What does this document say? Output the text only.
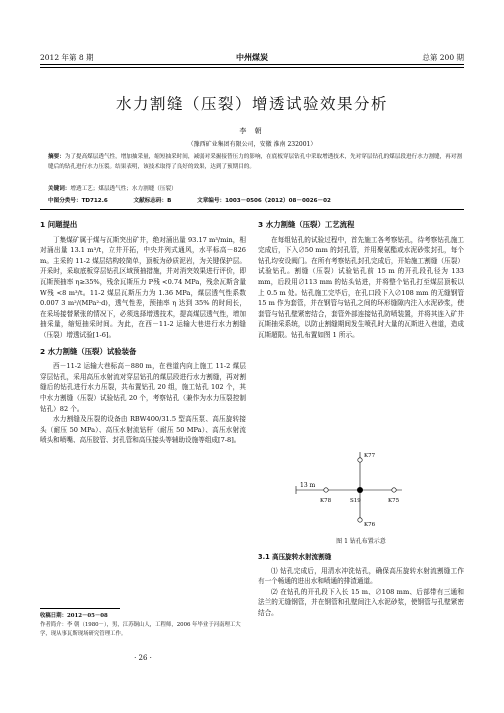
2012 年第 8 期	中州煤炭	总第 200 期
水力割缝（压裂）增透试验效果分析
李 朝
（豫西矿业集团有限公司，安徽 淮南 232001）
摘要：为了提高煤层透气性，增加抽采量，缩短抽采时间，减弱对采掘接替压力的影响，在底板穿层钻孔中采取增透技术，先对穿层钻孔的煤层段进行水力割缝，再对割缝后的钻孔进行水力压裂。结果表明，该技术取得了良好的效果，达到了预期目的。
关键词：增透工艺；煤层透气性；水力割缝（压裂）
中图分类号：TD712.6	文献标志码：B	文章编号：1003－0506（2012）08－0026－02
1 问题提出

丁集煤矿属于煤与瓦斯突出矿井，绝对涌出量 93.17 m³/min，相对涌出量 13.1 m³/t，立井开拓，中央并列式通风，水平标高－826 m。主采的 11-2 煤层结构较简单，顶板为砂质泥岩，为关键保护层。开采时，采取底板穿层钻孔区域预抽措施，并对消突效果进行评价，即瓦斯预抽率 η≥35%，残余瓦斯压力 P残 <0.74 MPa，残余瓦斯含量 W残 <8 m³/t。11-2 煤层瓦斯压力为 1.36 MPa，煤层透气性系数 0.007 3 m²/(MPa²·d)，透气性差，预抽率 η 达到 35% 的时间长，在采场接替紧张的情况下，必须选择增透技术，提高煤层透气性，增加抽采量，缩短抽采时间。为此，在西－11-2 运输大巷进行水力割缝（压裂）增透试验[1-6]。

2 水力割缝（压裂）试验装备

西－11-2 运输大巷标高－880 m，在巷道内向上施工 11-2 煤层穿层钻孔，采用高压水射流对穿层钻孔的煤层段进行水力割缝，再对割缝后的钻孔进行水力压裂，共布置钻孔 20 组，施工钻孔 102 个，其中水力割缝（压裂）试验钻孔 20 个，考察钻孔（兼作为水力压裂控制钻孔）82 个。

水力割缝及压裂的设备由 RBW400/31.5 型高压泵、高压旋转接头（耐压 50 MPa）、高压水射流钻杆（耐压 50 MPa）、高压水射流喷头和喷嘴、高压胶管、封孔管和高压接头等辅助设施等组成[7-8]。

3 水力割缝（压裂）工艺流程

在每组钻孔的试验过程中，首先施工各考察钻孔，待考察钻孔施工完成后，下入∅50 mm 的封孔管，并用聚氨酯或水泥砂浆封孔，每个钻孔均安设阀门。在所有考察钻孔封孔完成后，开始施工割缝（压裂）试验钻孔。割缝（压裂）试验钻孔前 15 m 的开孔段孔径为 133 mm，后段用∅113 mm 的钻头钻进，并将整个钻孔打至煤层顶板以上 0.5 m 处。钻孔施工完毕后，在孔口段下入∅108 mm 的无缝钢管 15 m 作为套管，并在钢管与钻孔之间的环形缝隙内注入水泥砂浆，使套管与钻孔壁紧密结合，套管外部连接钻孔防喷装置，并将其连入矿井瓦斯抽采系统，以防止割缝期间发生喷孔时大量的瓦斯进入巷道，造成瓦斯超限。钻孔布置如图 1 所示。

13 m
K77
K78	S19	K75
K76
图 1 钻孔布置示意
3.1 高压旋转水射流割缝

⑴ 钻孔完成后，用清水冲洗钻孔，确保高压旋转水射流割缝工作有一个畅通的进出水和喷通的排渣通道。

⑵ 在钻孔的开孔段下入长 15 m、∅108 mm、后部带有三通和法兰的无缝钢管，并在钢管和孔壁间注入水泥砂浆，使钢管与孔壁紧密结合。

收稿日期：2012－05－08
作者简介：李 朝（1980－），男，江苏铜山人，工程师，2006 年毕业于河南理工大学，现从事瓦斯现场研究管理工作。
· 26 ·
